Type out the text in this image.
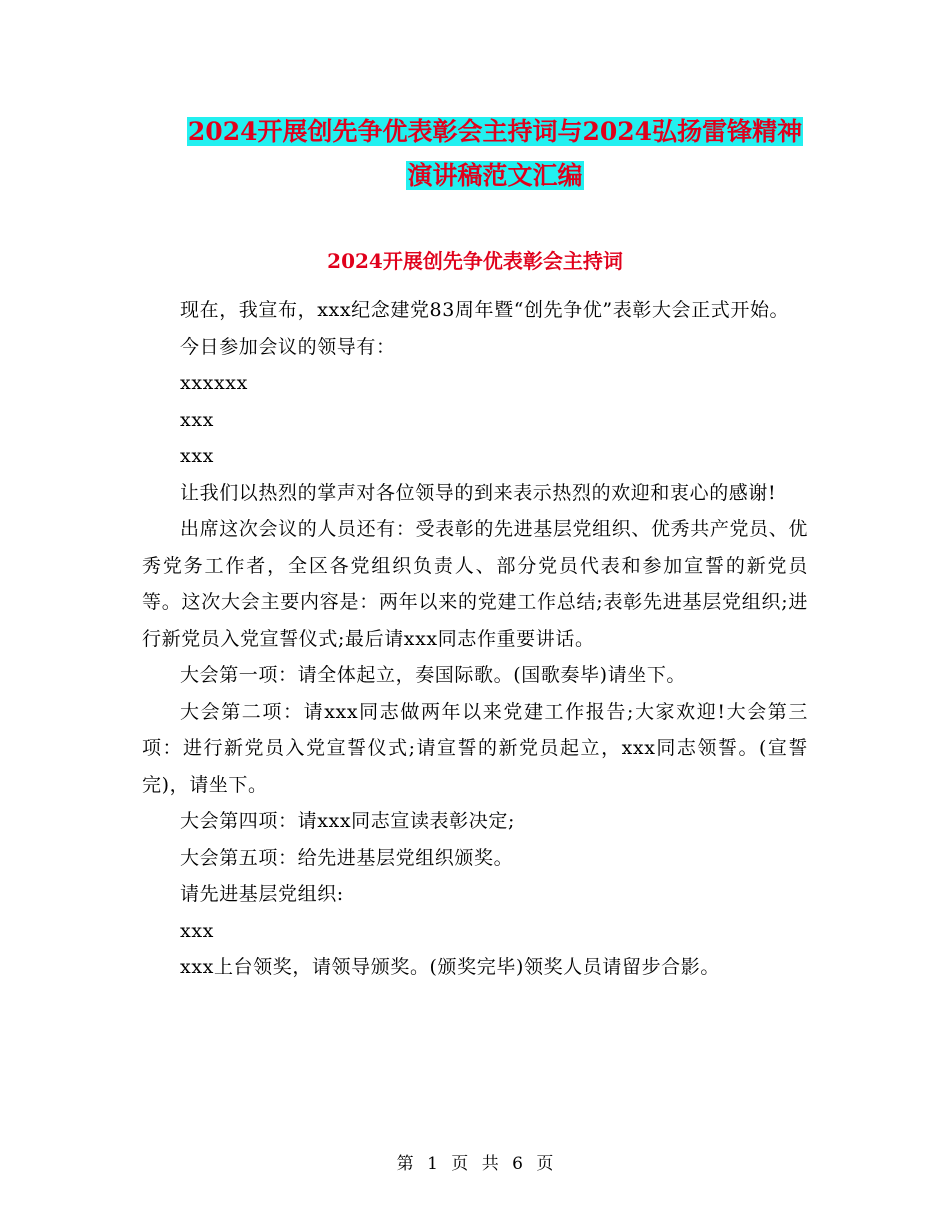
2024开展创先争优表彰会主持词与2024弘扬雷锋精神
演讲稿范文汇编
2024开展创先争优表彰会主持词

现在，我宣布，xxx纪念建党83周年暨“创先争优”表彰大会正式开始。

今日参加会议的领导有：

xxxxxx

xxx

xxx

让我们以热烈的掌声对各位领导的到来表示热烈的欢迎和衷心的感谢!

出席这次会议的人员还有：受表彰的先进基层党组织、优秀共产党员、优秀党务工作者，全区各党组织负责人、部分党员代表和参加宣誓的新党员等。这次大会主要内容是：两年以来的党建工作总结;表彰先进基层党组织;进行新党员入党宣誓仪式;最后请xxx同志作重要讲话。

大会第一项：请全体起立，奏国际歌。(国歌奏毕)请坐下。

大会第二项：请xxx同志做两年以来党建工作报告;大家欢迎!大会第三项：进行新党员入党宣誓仪式;请宣誓的新党员起立，xxx同志领誓。(宣誓完)，请坐下。

大会第四项：请xxx同志宣读表彰决定;

大会第五项：给先进基层党组织颁奖。

请先进基层党组织:

xxx

xxx上台领奖，请领导颁奖。(颁奖完毕)领奖人员请留步合影。

第 1 页 共 6 页
